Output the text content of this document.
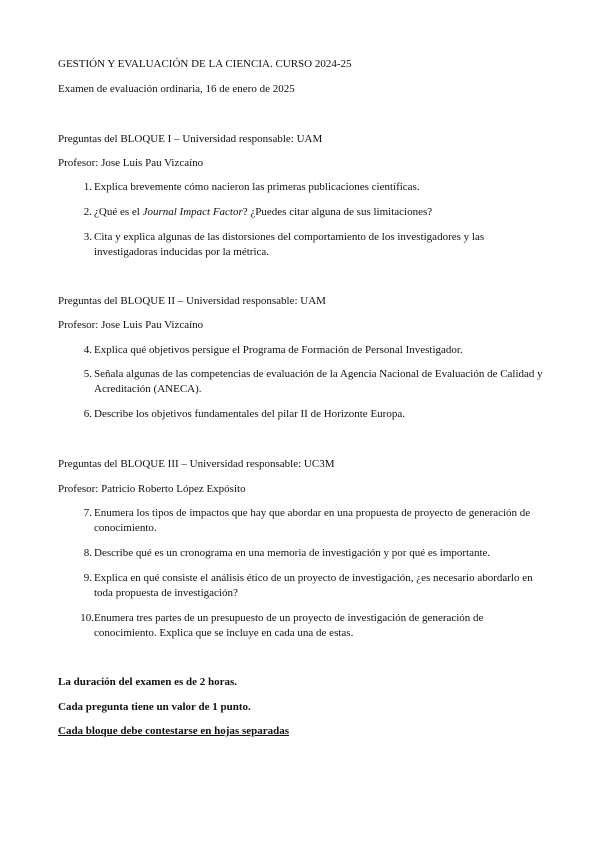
GESTIÓN Y EVALUACIÓN DE LA CIENCIA. CURSO 2024-25
Examen de evaluación ordinaria, 16 de enero de 2025
Preguntas del BLOQUE I – Universidad responsable: UAM
Profesor: Jose Luis Pau Vizcaíno
1. Explica brevemente cómo nacieron las primeras publicaciones científicas.
2. ¿Qué es el Journal Impact Factor? ¿Puedes citar alguna de sus limitaciones?
3. Cita y explica algunas de las distorsiones del comportamiento de los investigadores y las investigadoras inducidas por la métrica.
Preguntas del BLOQUE II – Universidad responsable: UAM
Profesor: Jose Luis Pau Vizcaíno
4. Explica qué objetivos persigue el Programa de Formación de Personal Investigador.
5. Señala algunas de las competencias de evaluación de la Agencia Nacional de Evaluación de Calidad y Acreditación (ANECA).
6. Describe los objetivos fundamentales del pilar II de Horizonte Europa.
Preguntas del BLOQUE III – Universidad responsable: UC3M
Profesor: Patricio Roberto López Expósito
7. Enumera los tipos de impactos que hay que abordar en una propuesta de proyecto de generación de conocimiento.
8. Describe qué es un cronograma en una memoria de investigación y por qué es importante.
9. Explica en qué consiste el análisis ético de un proyecto de investigación, ¿es necesario abordarlo en toda propuesta de investigación?
10. Enumera tres partes de un presupuesto de un proyecto de investigación de generación de conocimiento. Explica que se incluye en cada una de estas.
La duración del examen es de 2 horas.
Cada pregunta tiene un valor de 1 punto.
Cada bloque debe contestarse en hojas separadas
